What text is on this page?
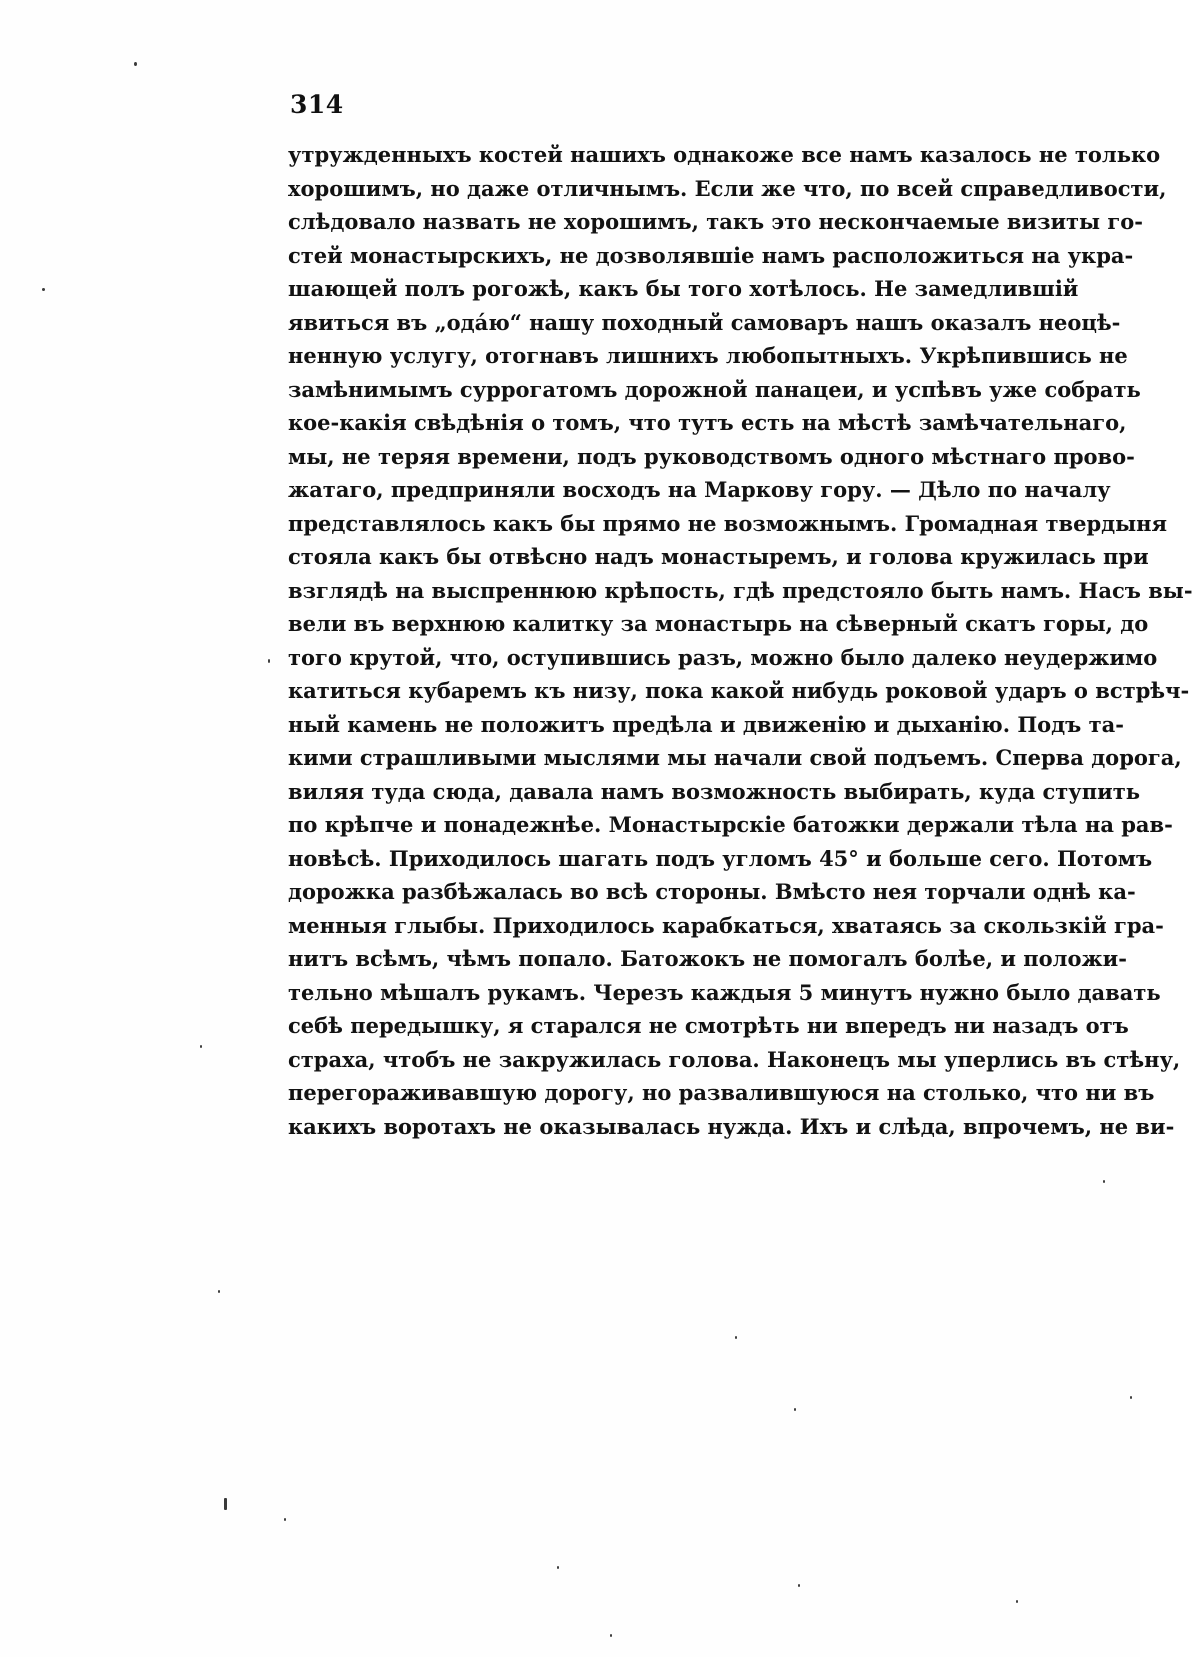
314
утружденныхъ костей нашихъ однакоже все намъ казалось не только
хорошимъ, но даже отличнымъ. Если же что, по всей справедливости,
слѣдовало назвать не хорошимъ, такъ это нескончаемые визиты го-
стей монастырскихъ, не дозволявшіе намъ расположиться на укра-
шающей полъ рогожѣ, какъ бы того хотѣлось. Не замедлившій
явиться въ „одáю“ нашу походный самоваръ нашъ оказалъ неоцѣ-
ненную услугу, отогнавъ лишнихъ любопытныхъ. Укрѣпившись не
замѣнимымъ суррогатомъ дорожной панацеи, и успѣвъ уже собрать
кое-какія свѣдѣнія о томъ, что тутъ есть на мѣстѣ замѣчательнаго,
мы, не теряя времени, подъ руководствомъ одного мѣстнаго прово-
жатаго, предприняли восходъ на Маркову гору. — Дѣло по началу
представлялось какъ бы прямо не возможнымъ. Громадная твердыня
стояла какъ бы отвѣсно надъ монастыремъ, и голова кружилась при
взглядѣ на выспреннюю крѣпость, гдѣ предстояло быть намъ. Насъ вы-
вели въ верхнюю калитку за монастырь на сѣверный скатъ горы, до
того крутой, что, оступившись разъ, можно было далеко неудержимо
катиться кубаремъ къ низу, пока какой нибудь роковой ударъ о встрѣч-
ный камень не положитъ предѣла и движенію и дыханію. Подъ та-
кими страшливыми мыслями мы начали свой подъемъ. Сперва дорога,
виляя туда сюда, давала намъ возможность выбирать, куда ступить
по крѣпче и понадежнѣе. Монастырскіе батожки держали тѣла на рав-
новѣсѣ. Приходилось шагать подъ угломъ 45° и больше сего. Потомъ
дорожка разбѣжалась во всѣ стороны. Вмѣсто нея торчали однѣ ка-
менныя глыбы. Приходилось карабкаться, хватаясь за скользкій гра-
нитъ всѣмъ, чѣмъ попало. Батожокъ не помогалъ болѣе, и положи-
тельно мѣшалъ рукамъ. Черезъ каждыя 5 минутъ нужно было давать
себѣ передышку, я старался не смотрѣть ни впередъ ни назадъ отъ
страха, чтобъ не закружилась голова. Наконецъ мы уперлись въ стѣну,
перегораживавшую дорогу, но развалившуюся на столько, что ни въ
какихъ воротахъ не оказывалась нужда. Ихъ и слѣда, впрочемъ, не ви-
